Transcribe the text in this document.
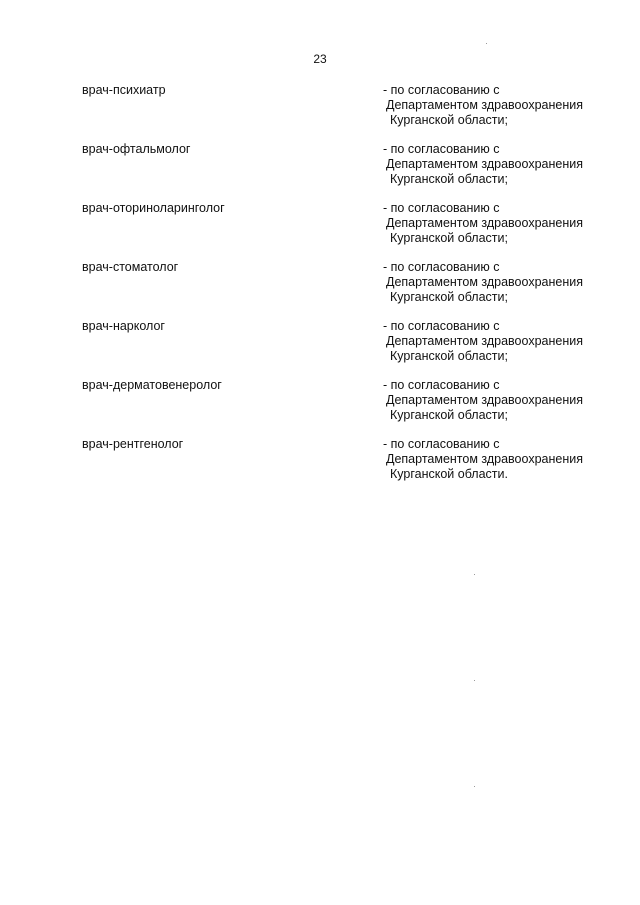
23
врач-психиатр	- по согласованию с
Департаментом здравоохранения
Курганской области;
врач-офтальмолог	- по согласованию с
Департаментом здравоохранения
Курганской области;
врач-оториноларинголог	- по согласованию с
Департаментом здравоохранения
Курганской области;
врач-стоматолог	- по согласованию с
Департаментом здравоохранения
Курганской области;
врач-нарколог	- по согласованию с
Департаментом здравоохранения
Курганской области;
врач-дерматовенеролог	- по согласованию с
Департаментом здравоохранения
Курганской области;
врач-рентгенолог	- по согласованию с
Департаментом здравоохранения
Курганской области.
